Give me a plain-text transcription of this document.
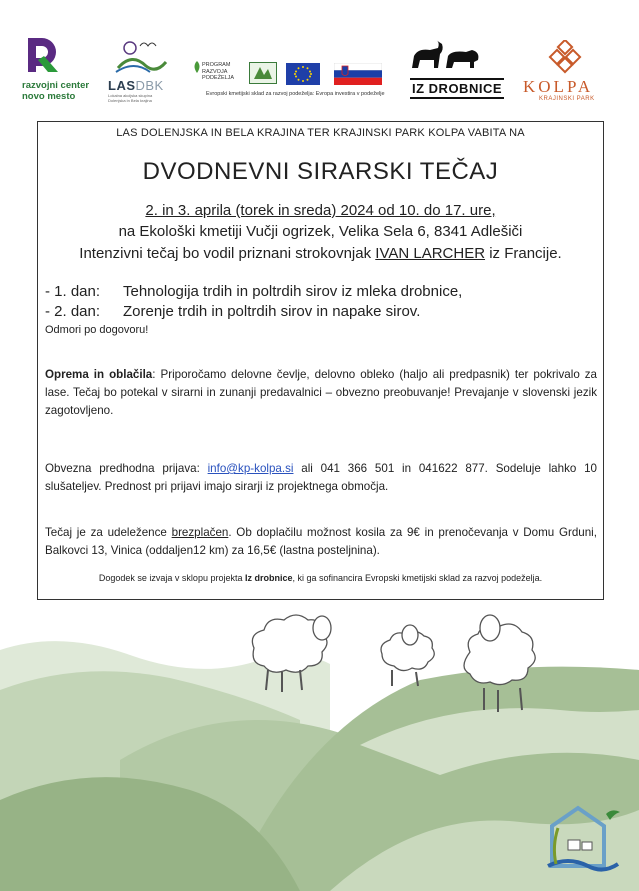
razvojni center
novo mesto
LASDBK
Lokalna akcijska skupina Dolenjska in Bela krajina
PROGRAM
RAZVOJA
PODEŽELJA
Evropski kmetijski sklad za razvoj podeželja: Evropa investira v podeželje IZ DROBNICE KOLPA
KRAJINSKI PARK
LAS DOLENJSKA IN BELA KRAJINA TER KRAJINSKI PARK KOLPA VABITA NA
DVODNEVNI SIRARSKI TEČAJ
2. in 3. aprila (torek in sreda) 2024 od 10. do 17. ure,
na Ekološki kmetiji Vučji ogrizek, Velika Sela 6, 8341 Adlešiči
Intenzivni tečaj bo vodil priznani strokovnjak IVAN LARCHER iz Francije.
- 1. dan: Tehnologija trdih in poltrdih sirov iz mleka drobnice,
- 2. dan: Zorenje trdih in poltrdih sirov in napake sirov.
Odmori po dogovoru!
Oprema in oblačila: Priporočamo delovne čevlje, delovno obleko (haljo ali predpasnik) ter pokrivalo za lase. Tečaj bo potekal v sirarni in zunanji predavalnici – obvezno preobuvanje! Prevajanje v slovenski jezik zagotovljeno.
Obvezna predhodna prijava: info@kp-kolpa.si ali 041 366 501 in 041622 877. Sodeluje lahko 10 slušateljev. Prednost pri prijavi imajo sirarji iz projektnega območja.
Tečaj je za udeležence brezplačen. Ob doplačilu možnost kosila za 9€ in prenočevanja v Domu Grduni, Balkovci 13, Vinica (oddaljen12 km) za 16,5€ (lastna posteljnina).
Dogodek se izvaja v sklopu projekta Iz drobnice, ki ga sofinancira Evropski kmetijski sklad za razvoj podeželja.
